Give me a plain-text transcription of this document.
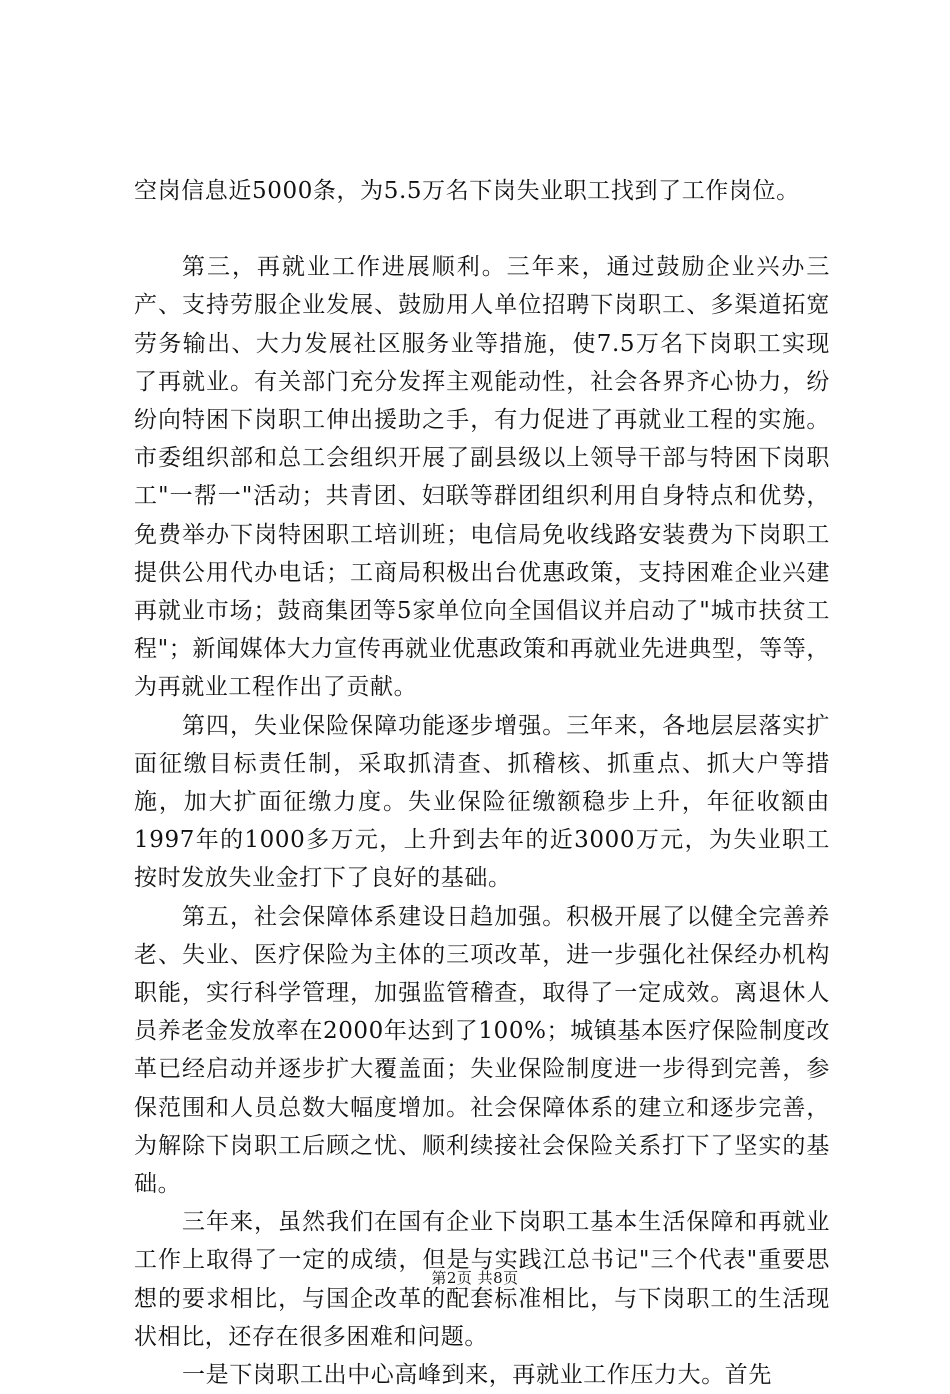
空岗信息近5000条，为5.5万名下岗失业职工找到了工作岗位。

第三，再就业工作进展顺利。三年来，通过鼓励企业兴办三产、支持劳服企业发展、鼓励用人单位招聘下岗职工、多渠道拓宽劳务输出、大力发展社区服务业等措施，使7.5万名下岗职工实现了再就业。有关部门充分发挥主观能动性，社会各界齐心协力，纷纷向特困下岗职工伸出援助之手，有力促进了再就业工程的实施。市委组织部和总工会组织开展了副县级以上领导干部与特困下岗职工"一帮一"活动；共青团、妇联等群团组织利用自身特点和优势，免费举办下岗特困职工培训班；电信局免收线路安装费为下岗职工提供公用代办电话；工商局积极出台优惠政策，支持困难企业兴建再就业市场；鼓商集团等5家单位向全国倡议并启动了"城市扶贫工程"；新闻媒体大力宣传再就业优惠政策和再就业先进典型，等等，为再就业工程作出了贡献。

第四，失业保险保障功能逐步增强。三年来，各地层层落实扩面征缴目标责任制，采取抓清查、抓稽核、抓重点、抓大户等措施，加大扩面征缴力度。失业保险征缴额稳步上升，年征收额由1997年的1000多万元，上升到去年的近3000万元，为失业职工按时发放失业金打下了良好的基础。

第五，社会保障体系建设日趋加强。积极开展了以健全完善养老、失业、医疗保险为主体的三项改革，进一步强化社保经办机构职能，实行科学管理，加强监管稽查，取得了一定成效。离退休人员养老金发放率在2000年达到了100%；城镇基本医疗保险制度改革已经启动并逐步扩大覆盖面；失业保险制度进一步得到完善，参保范围和人员总数大幅度增加。社会保障体系的建立和逐步完善，为解除下岗职工后顾之忧、顺利续接社会保险关系打下了坚实的基础。

三年来，虽然我们在国有企业下岗职工基本生活保障和再就业工作上取得了一定的成绩，但是与实践江总书记"三个代表"重要思想的要求相比，与国企改革的配套标准相比，与下岗职工的生活现状相比，还存在很多困难和问题。

一是下岗职工出中心高峰到来，再就业工作压力大。首先

第2页 共8页
